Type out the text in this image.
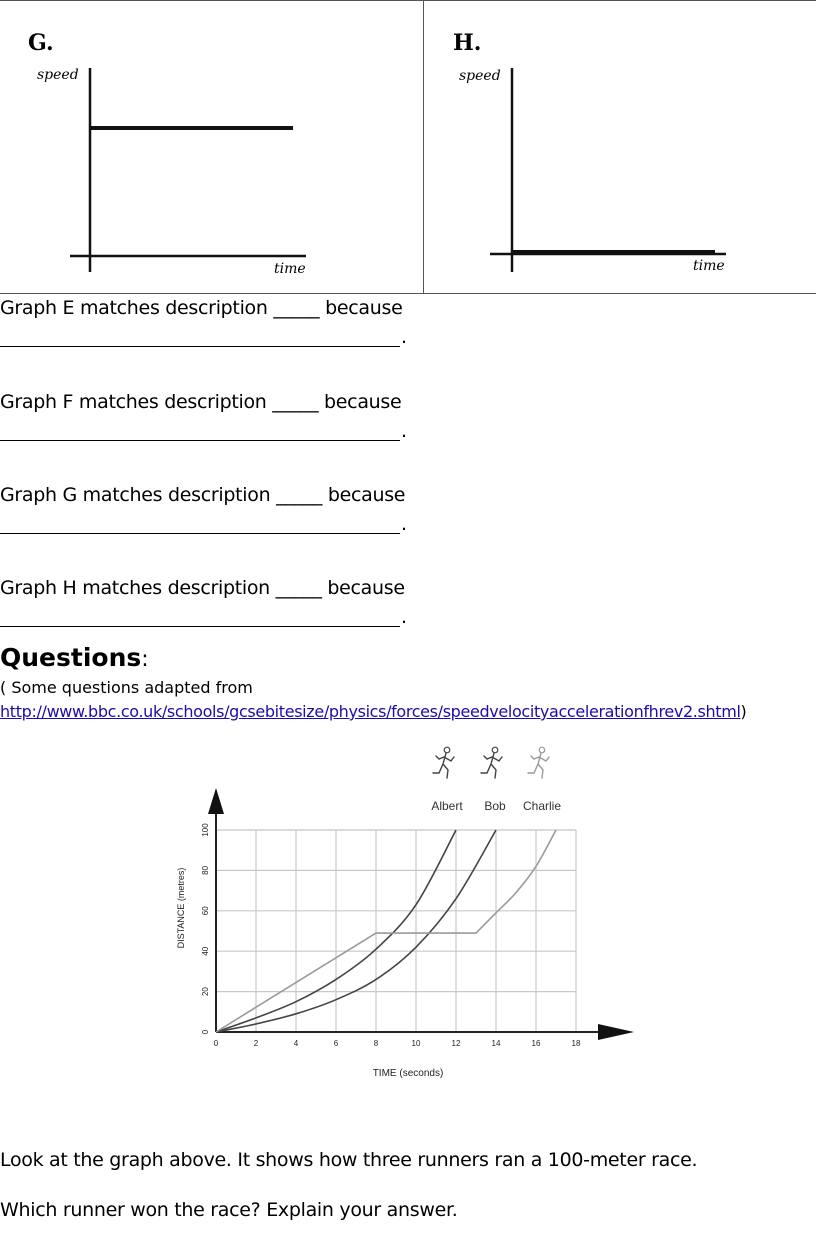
G.	H.
speed
time
speed
time
Graph E matches description _____ because
.
Graph F matches description _____ because
.
Graph G matches description _____ because
.
Graph H matches description _____ because
.
Questions:
( Some questions adapted from
http://www.bbc.co.uk/schools/gcsebitesize/physics/forces/speedvelocityaccelerationfhrev2.shtml)
0	2	4	6	8	10	12	14	16	18
0
20
40
60
80
100
Albert Bob Charlie
TIME (seconds)
DISTANCE (metres)
Look at the graph above. It shows how three runners ran a 100-meter race.
Which runner won the race? Explain your answer.
